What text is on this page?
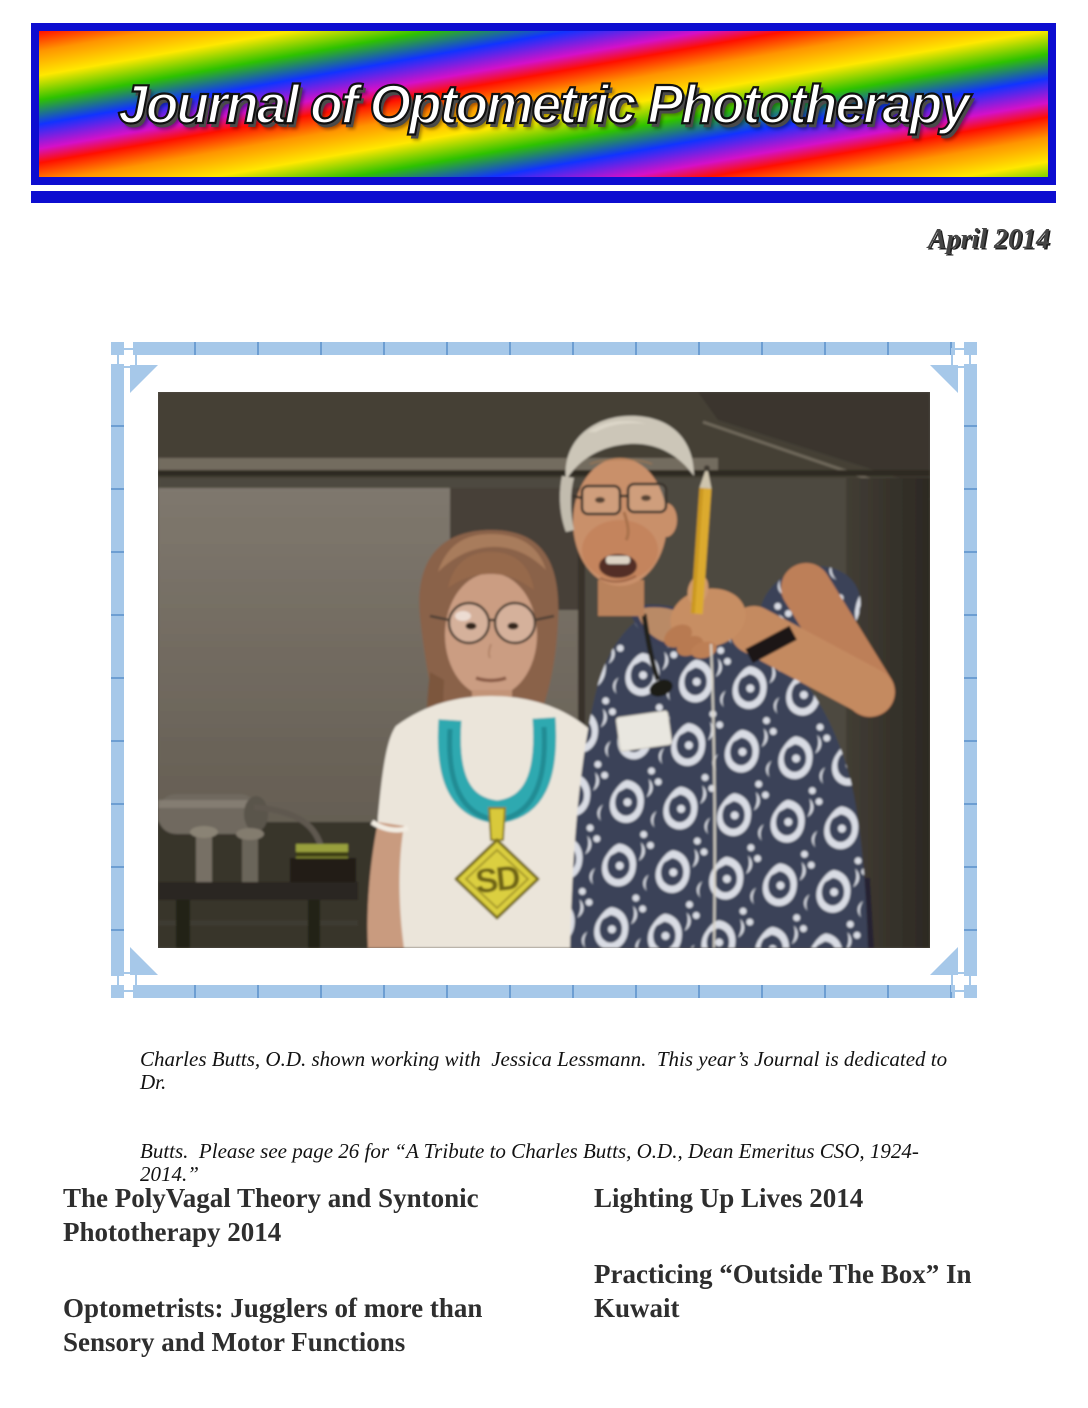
Journal of Optometric Phototherapy
April 2014
SD

Charles Butts, O.D. shown working with  Jessica Lessmann.  This year’s Journal is dedicated to Dr.

Butts.  Please see page 26 for “A Tribute to Charles Butts, O.D., Dean Emeritus CSO, 1924-2014.”

The PolyVagal Theory and Syntonic Phototherapy 2014
Optometrists: Jugglers of more than Sensory and Motor Functions
Lighting Up Lives 2014
Practicing “Outside The Box” In Kuwait
